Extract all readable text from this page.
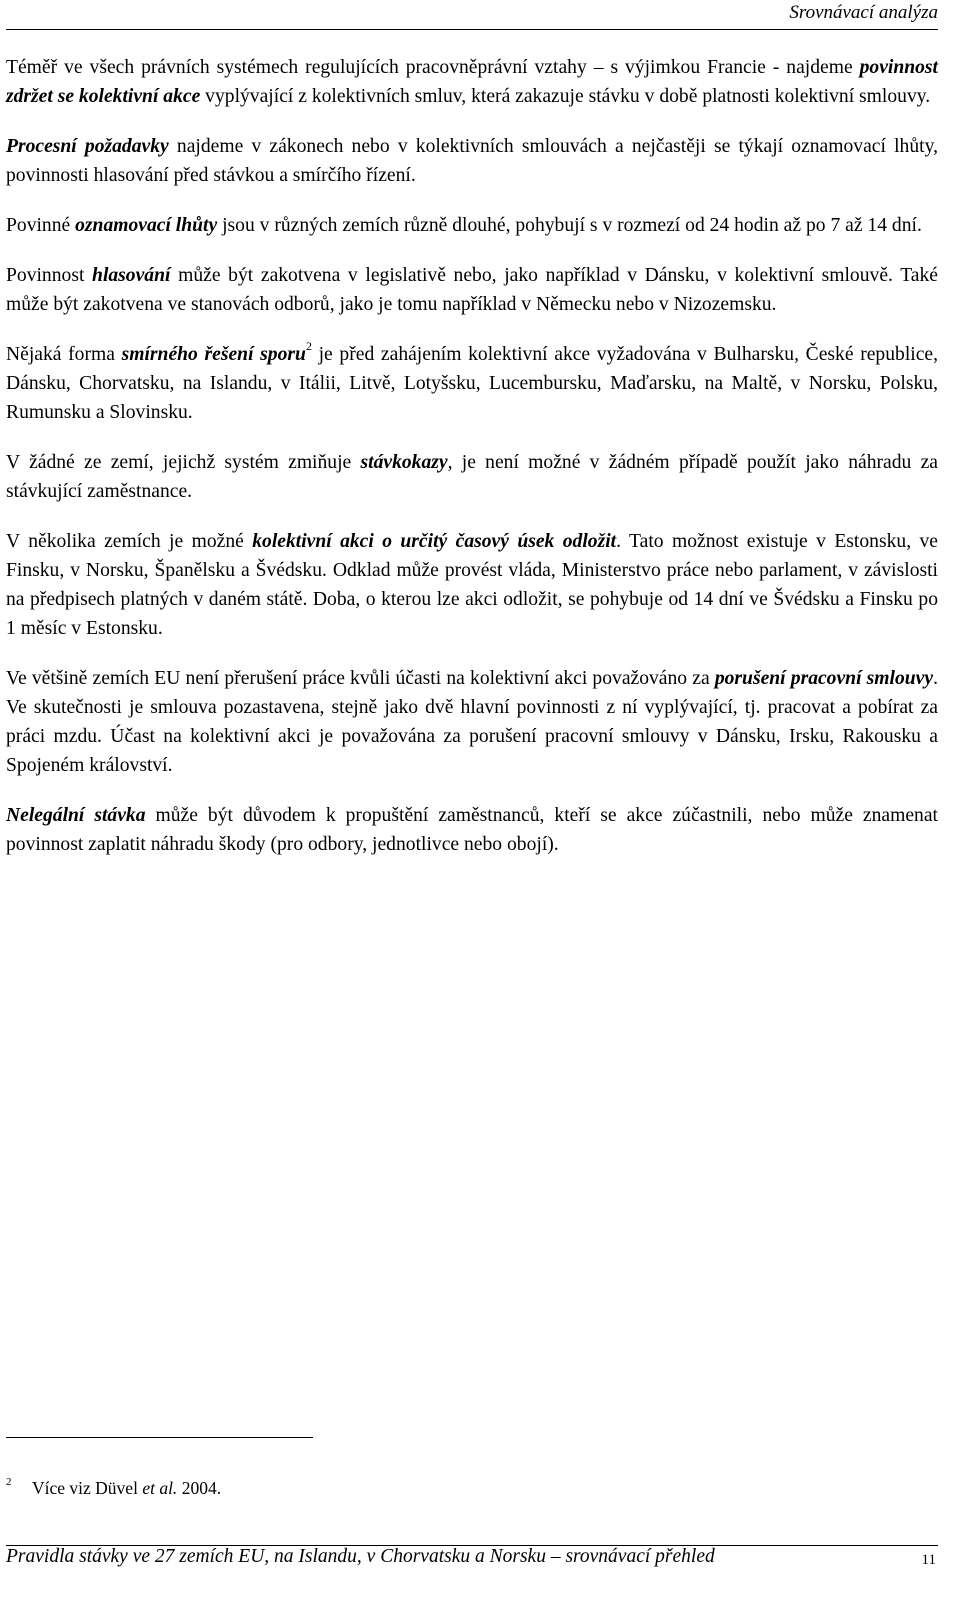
Srovnávací analýza

Téměř ve všech právních systémech regulujících pracovněprávní vztahy – s výjimkou Francie - najdeme povinnost zdržet se kolektivní akce vyplývající z kolektivních smluv, která zakazuje stávku v době platnosti kolektivní smlouvy.

Procesní požadavky najdeme v zákonech nebo v kolektivních smlouvách a nejčastěji se týkají oznamovací lhůty, povinnosti hlasování před stávkou a smírčího řízení.

Povinné oznamovací lhůty jsou v různých zemích různě dlouhé, pohybují s v rozmezí od 24 hodin až po 7 až 14 dní.

Povinnost hlasování může být zakotvena v legislativě nebo, jako například v Dánsku, v kolektivní smlouvě. Také může být zakotvena ve stanovách odborů, jako je tomu například v Německu nebo v Nizozemsku.

Nějaká forma smírného řešení sporu$^2$ je před zahájením kolektivní akce vyžadována v Bulharsku, České republice, Dánsku, Chorvatsku, na Islandu, v Itálii, Litvě, Lotyšsku, Lucembursku, Maďarsku, na Maltě, v Norsku, Polsku, Rumunsku a Slovinsku.

V žádné ze zemí, jejichž systém zmiňuje stávkokazy, je není možné v žádném případě použít jako náhradu za stávkující zaměstnance.

V několika zemích je možné kolektivní akci o určitý časový úsek odložit. Tato možnost existuje v Estonsku, ve Finsku, v Norsku, Španělsku a Švédsku. Odklad může provést vláda, Ministerstvo práce nebo parlament, v závislosti na předpisech platných v daném státě. Doba, o kterou lze akci odložit, se pohybuje od 14 dní ve Švédsku a Finsku po 1 měsíc v Estonsku.

Ve většině zemích EU není přerušení práce kvůli účasti na kolektivní akci považováno za porušení pracovní smlouvy. Ve skutečnosti je smlouva pozastavena, stejně jako dvě hlavní povinnosti z ní vyplývající, tj. pracovat a pobírat za práci mzdu. Účast na kolektivní akci je považována za porušení pracovní smlouvy v Dánsku, Irsku, Rakousku a Spojeném království.

Nelegální stávka může být důvodem k propuštění zaměstnanců, kteří se akce zúčastnili, nebo může znamenat povinnost zaplatit náhradu škody (pro odbory, jednotlivce nebo obojí).

2 Více viz Düvel et al. 2004.
Pravidla stávky ve 27 zemích EU, na Islandu, v Chorvatsku a Norsku – srovnávací přehled	11
